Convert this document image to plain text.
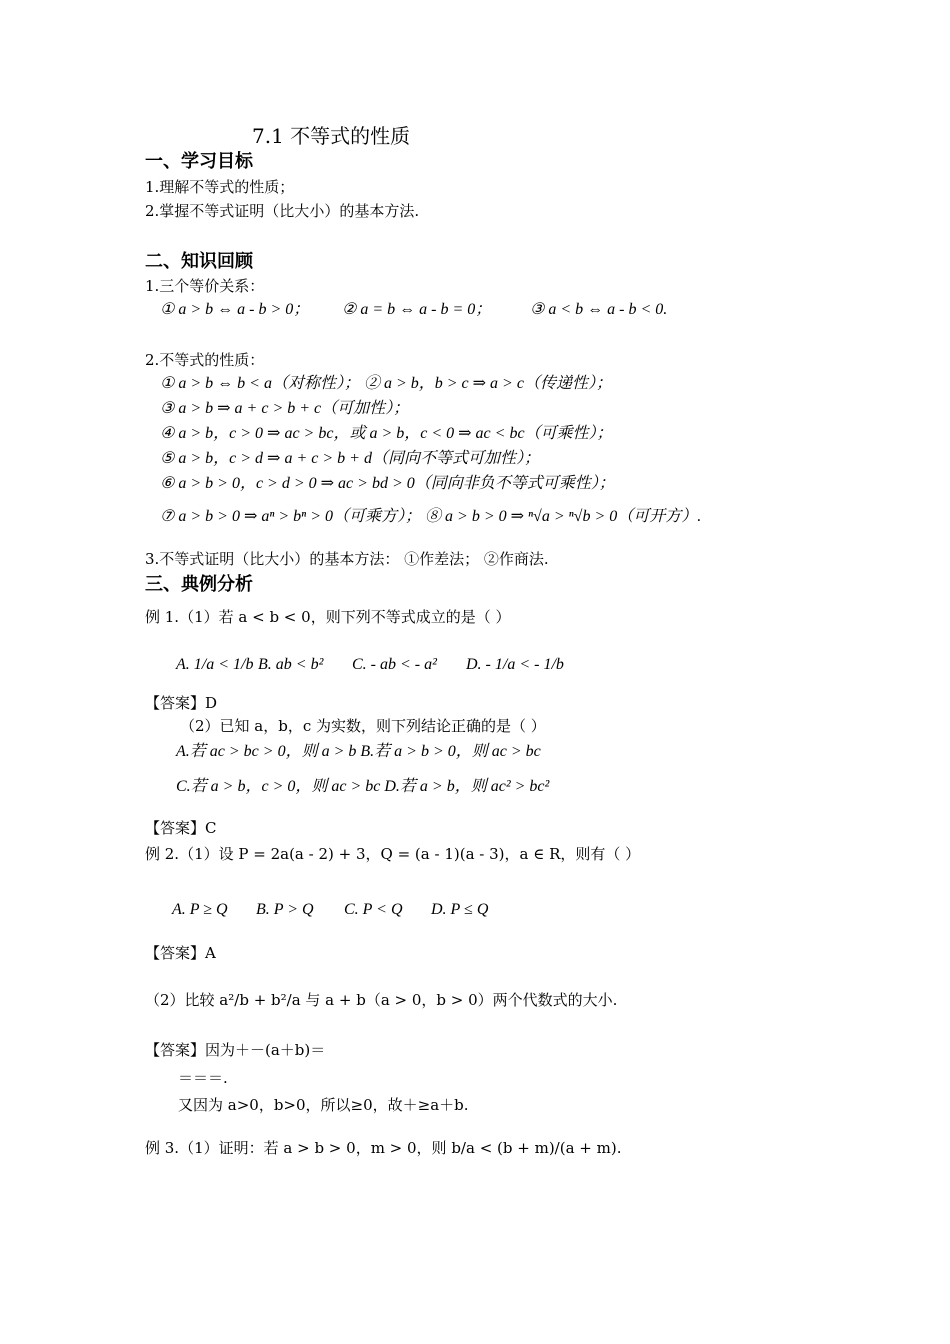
7.1 不等式的性质
一、学习目标
1.理解不等式的性质；
2.掌握不等式证明（比大小）的基本方法.
二、知识回顾
1.三个等价关系：
① a > b ⇔ a - b > 0； ② a = b ⇔ a - b = 0； ③ a < b ⇔ a - b < 0.
2.不等式的性质：
① a > b ⇔ b < a（对称性）； ② a > b，b > c ⇒ a > c（传递性）；
③ a > b ⇒ a + c > b + c（可加性）；
④ a > b，c > 0 ⇒ ac > bc，或 a > b，c < 0 ⇒ ac < bc（可乘性）；
⑤ a > b，c > d ⇒ a + c > b + d（同向不等式可加性）；
⑥ a > b > 0，c > d > 0 ⇒ ac > bd > 0（同向非负不等式可乘性）；
⑦ a > b > 0 ⇒ aⁿ > bⁿ > 0（可乘方）； ⑧ a > b > 0 ⇒ ⁿ√a > ⁿ√b > 0（可开方）.
3.不等式证明（比大小）的基本方法： ①作差法； ②作商法.
三、典例分析
例 1.（1）若 a < b < 0，则下列不等式成立的是（ ）
A. 1/a < 1/b B. ab < b² C. - ab < - a² D. - 1/a < - 1/b
【答案】D
（2）已知 a，b，c 为实数，则下列结论正确的是（ ）
A.若 ac > bc > 0，则 a > b B.若 a > b > 0，则 ac > bc
C.若 a > b，c > 0，则 ac > bc D.若 a > b，则 ac² > bc²
【答案】C
例 2.（1）设 P = 2a(a - 2) + 3，Q = (a - 1)(a - 3)，a ∈ R，则有（ ）
A. P ≥ Q B. P > Q C. P < Q D. P ≤ Q
【答案】A
（2）比较 a²/b + b²/a 与 a + b（a > 0，b > 0）两个代数式的大小.
【答案】因为＋－(a＋b)＝
＝＝＝.
又因为 a>0，b>0，所以≥0，故＋≥a＋b.
例 3.（1）证明：若 a > b > 0，m > 0，则 b/a < (b + m)/(a + m).
